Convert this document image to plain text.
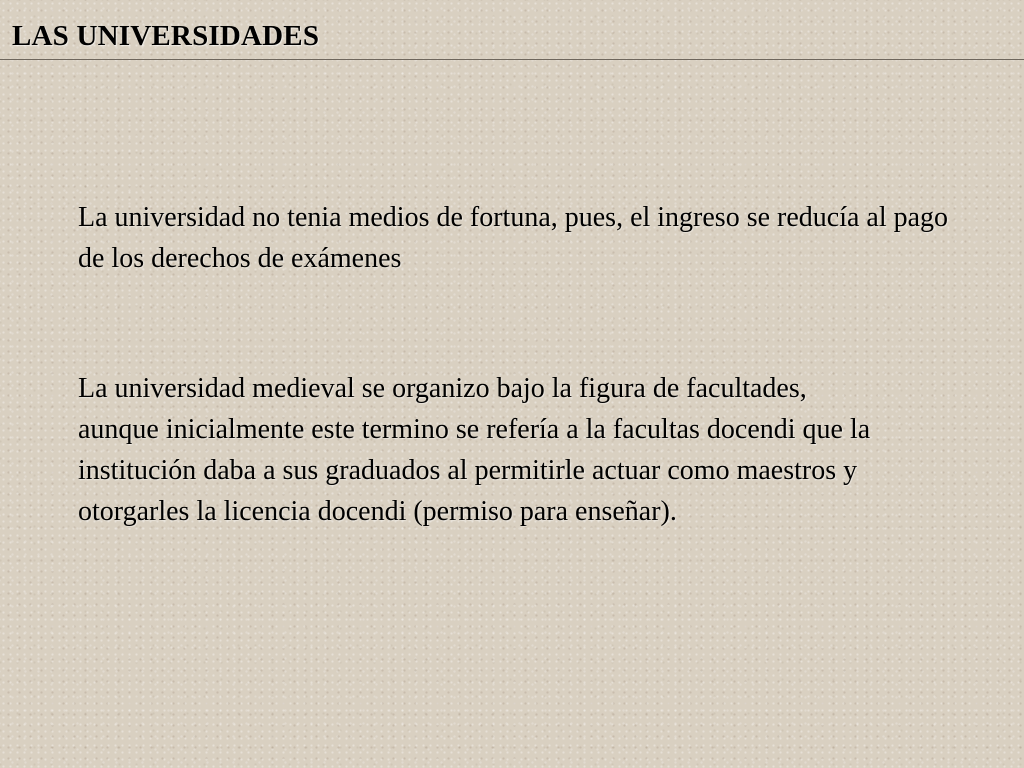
LAS UNIVERSIDADES

La universidad no tenia medios de fortuna, pues, el ingreso se reducía al pago de los derechos de exámenes

La universidad medieval se organizo bajo la figura de facultades, aunque inicialmente este termino se refería a la facultas docendi que la institución daba a sus graduados al permitirle actuar como maestros y otorgarles la licencia docendi (permiso para enseñar).
